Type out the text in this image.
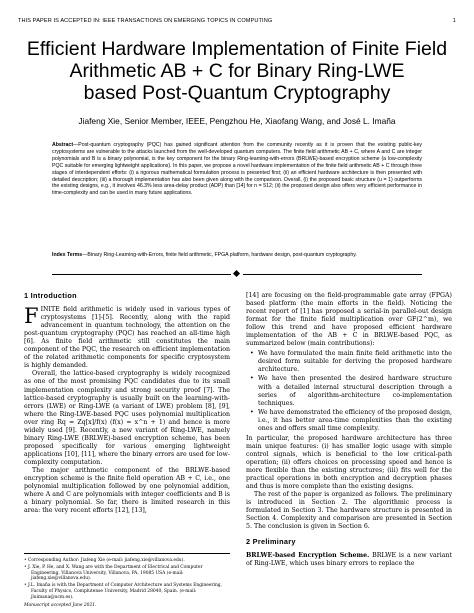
THIS PAPER IS ACCEPTED IN: IEEE TRANSACTIONS ON EMERGING TOPICS IN COMPUTING	1
Efficient Hardware Implementation of Finite Field
Arithmetic AB + C for Binary Ring-LWE
based Post-Quantum Cryptography
Jiafeng Xie, Senior Member, IEEE, Pengzhou He, Xiaofang Wang, and José L. Imaña
Abstract—Post-quantum cryptography (PQC) has gained significant attention from the community recently as it is proven that the existing public-key cryptosystems are vulnerable to the attacks launched from the well-developed quantum computers. The finite field arithmetic AB + C, where A and C are integer polynomials and B is a binary polynomial, is the key component for the binary Ring-learning-with-errors (BRLWE)-based encryption scheme (a low-complexity PQC suitable for emerging lightweight applications). In this paper, we propose a novel hardware implementation of the finite field arithmetic AB + C through three stages of interdependent efforts: (i) a rigorous mathematical formulation process is presented first; (ii) an efficient hardware architecture is then presented with detailed description; (iii) a thorough implementation has also been given along with the comparison. Overall, (i) the proposed basic structure (u = 1) outperforms the existing designs, e.g., it involves 46.3% less area-delay product (ADP) than [14] for n = 512; (ii) the proposed design also offers very efficient performance in time-complexity and can be used in many future applications.
Index Terms—Binary Ring-Learning-with-Errors, finite field arithmetic, FPGA platform, hardware design, post-quantum cryptography.
1 Introduction

FINITE field arithmetic is widely used in various types of cryptosystems [1]-[5]. Recently, along with the rapid advancement in quantum technology, the attention on the post-quantum cryptography (PQC) has reached an all-time high [6]. As finite field arithmetic still constitutes the main component of the PQC, the research on efficient implementation of the related arithmetic components for specific cryptosystem is highly demanded.

Overall, the lattice-based cryptography is widely recognized as one of the most promising PQC candidates due to its small implementation complexity and strong security proof [7]. The lattice-based cryptography is usually built on the learning-with-errors (LWE) or Ring-LWE (a variant of LWE) problem [8], [9], where the Ring-LWE-based PQC uses polynomial multiplication over ring Rq = Zq[x]/f(x) (f(x) = x^n + 1) and hence is more widely used [9]. Recently, a new variant of Ring-LWE, namely binary Ring-LWE (BRLWE)-based encryption scheme, has been proposed specifically for various emerging lightweight applications [10], [11], where the binary errors are used for low-complexity computation.

The major arithmetic component of the BRLWE-based encryption scheme is the finite field operation AB + C, i.e., one polynomial multiplication followed by one polynomial addition, where A and C are polynomials with integer coefficients and B is a binary polynomial. So far, there is limited research in this area: the very recent efforts [12], [13],

[14] are focusing on the field-programmable gate array (FPGA) based platform (the main efforts in the field). Noticing the recent report of [1] has proposed a serial-in parallel-out design format for the finite field multiplication over GF(2^m), we follow this trend and have proposed efficient hardware implementation of the AB + C in BRLWE-based PQC, as summarized below (main contributions):

• We have formulated the main finite field arithmetic into the desired form suitable for deriving the proposed hardware architecture.
• We have then presented the desired hardware structure with a detailed internal structural description through a series of algorithm-architecture co-implementation techniques.
• We have demonstrated the efficiency of the proposed design, i.e., it has better area-time complexities than the existing ones and offers small time complexity.

In particular, the proposed hardware architecture has three main unique features: (i) has smaller logic usage with simple control signals, which is beneficial to the low critical-path operation; (ii) offers choices on processing speed and hence is more flexible than the existing structures; (iii) fits well for the practical operations in both encryption and decryption phases and thus is more complete than the existing designs.

The rest of the paper is organized as follows. The preliminary is introduced in Section 2. The algorithmic process is formulated in Section 3. The hardware structure is presented in Section 4. Complexity and comparison are presented in Section 5. The conclusion is given in Section 6.

2 Preliminary

BRLWE-based Encryption Scheme. BRLWE is a new variant of Ring-LWE, which uses binary errors to replace the

• Corresponding Author: Jiafeng Xie (e-mail: jiafeng.xie@villanova.edu).
• J. Xie, P. He, and X. Wang are with the Department of Electrical and Computer Engineering, Villanova University, Villanova, PA, 19085 USA (e-mail: jiafeng.xie@villanova.edu).
• J.L. Imaña is with the Department of Computer Architecture and Systems Engineering, Faculty of Physics, Complutense University, Madrid 28040, Spain. (e-mail: jluimana@ucm.es).
Manuscript accepted June 2021.
